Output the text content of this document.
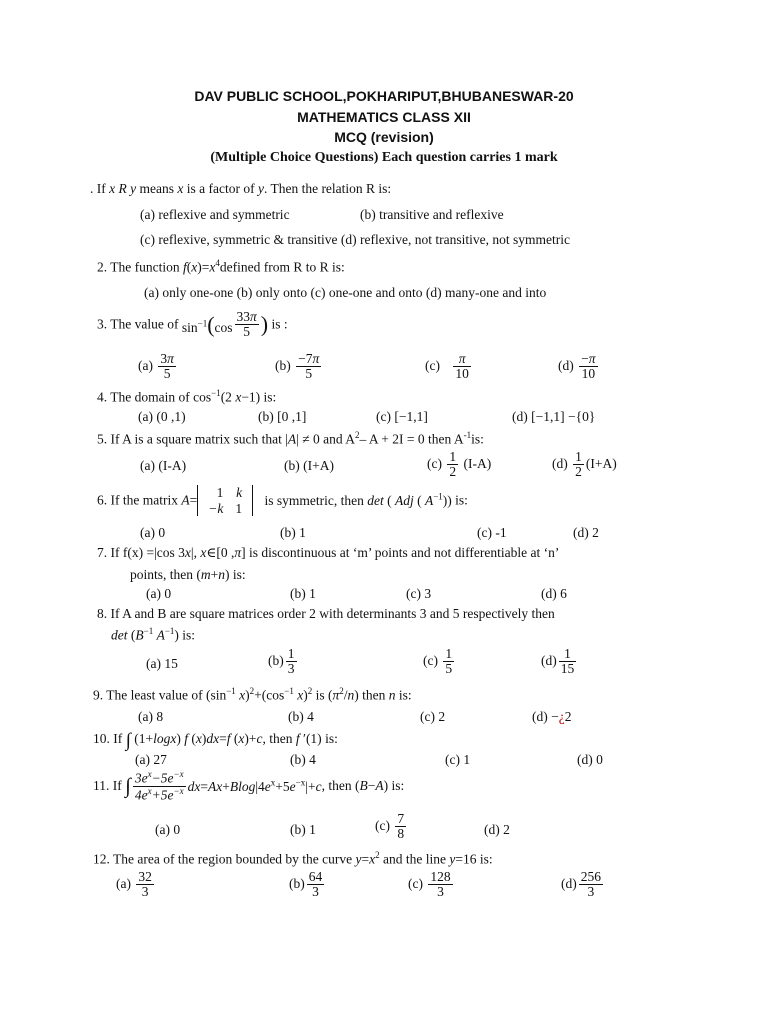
DAV PUBLIC SCHOOL,POKHARIPUT,BHUBANESWAR-20
MATHEMATICS CLASS XII
MCQ (revision)
(Multiple Choice Questions) Each question carries 1 mark
. If x R y means x is a factor of y. Then the relation R is:
(a) reflexive and symmetric	(b) transitive and reflexive
(c) reflexive, symmetric & transitive (d) reflexive, not transitive, not symmetric
2. The function $f(x)=x^4defined$ from R to R is:
(a) only one-one (b) only onto (c) one-one and onto (d) many-one and into
3. The value of $\sin^{-1}(\cos \frac{33\pi}{5}$ ) is :
$(a) \frac{3\pi}{5}$	$(b) \frac{-7\pi}{5}$	$(c) \frac{\pi}{10}$	$(d) \frac{-\pi}{10}$
4. The domain of $\cos^{-1}(2$ x−1) is:
(a) (0 ,1)	(b) [0 ,1]	(c) [−1,1]	(d) [−1,1] −{0}
5. If A is a square matrix such that |A| ≠ 0 and $A^2-$ A + 2I = 0 then $A^{-1}is$:
(a) (I-A)	(b) (I+A)	$(c) \frac{1}{2} (I-A)$	$(d) \frac{1}{2} (I+A)$
6. If the matrix A=
1	k
−k	1
is symmetric, then det ( Adj ( $A^{-1}$)) is:
(a) 0	(b) 1	(c) -1	(d) 2
7. If f(x) =|cos 3x|, x∈[0 ,π] is discontinuous at ‘m’ points and not differentiable at ‘n’
points, then (m+n) is:
(a) 0	(b) 1	(c) 3	(d) 6
8. If A and B are square matrices order 2 with determinants 3 and 5 respectively then
$\det (B^{-1}$ $A^{-1}$) is:
(a) 15	$(b) \frac{1}{3}$	$(c) \frac{1}{5}$	$(d) \frac{1}{15}$
9. The least value of ($\sin^{-1}$ $x)^2+(\cos^{-1}$ x)$^2$ is $(\pi^2/n)$ then n is:
(a) 8	(b) 4	(c) 2	(d) −¿2
10. If ∫ (1+logx) f (x)dx=f (x)+c, then f ′(1) is:
(a) 27	(b) 4	(c) 1	(d) 0
11. If ∫ $\frac{3e^x-5e^{-x}}{4e^x+5e^{-x}} dx=Ax+Blog|4e^x+5e^{-x}|+c$, then (B−A) is:
(a) 0	(b) 1	$(c) \frac{7}{8}$	(d) 2
12. The area of the region bounded by the curve $y=x^2$ and the line y=16 is:
$(a) \frac{32}{3}$	$(b) \frac{64}{3}$	$(c) \frac{128}{3}$	$(d) \frac{256}{3}$
